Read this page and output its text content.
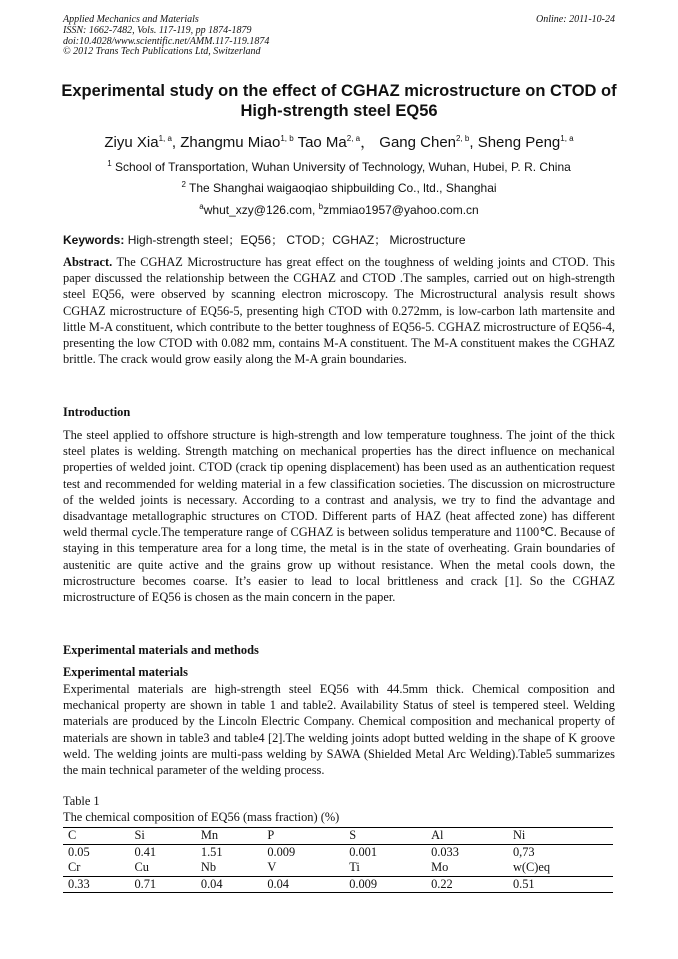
Applied Mechanics and Materials
ISSN: 1662-7482, Vols. 117-119, pp 1874-1879
doi:10.4028/www.scientific.net/AMM.117-119.1874
© 2012 Trans Tech Publications Ltd, Switzerland
Online: 2011-10-24
Experimental study on the effect of CGHAZ microstructure on CTOD of
High-strength steel EQ56
Ziyu Xia$^{1, a}$, Zhangmu Miao$^{1, b}$ Tao Ma$^{2, a}$， Gang Chen$^{2, b}$, Sheng Peng$^{1, a}$
$^1$ School of Transportation, Wuhan University of Technology, Wuhan, Hubei, P. R. China
$^2$ The Shanghai waigaoqiao shipbuilding Co., ltd., Shanghai
$^a$whut_xzy@126.com, $^b$zmmiao1957@yahoo.com.cn
Keywords: High-strength steel；EQ56； CTOD；CGHAZ； Microstructure
Abstract. The CGHAZ Microstructure has great effect on the toughness of welding joints and CTOD. This paper discussed the relationship between the CGHAZ and CTOD .The samples, carried out on high-strength steel EQ56, were observed by scanning electron microscopy. The Microstructural analysis result shows CGHAZ microstructure of EQ56-5, presenting high CTOD with 0.272mm, is low-carbon lath martensite and little M-A constituent, which contribute to the better toughness of EQ56-5. CGHAZ microstructure of EQ56-4, presenting the low CTOD with 0.082 mm, contains M-A constituent. The M-A constituent makes the CGHAZ brittle. The crack would grow easily along the M-A grain boundaries.
Introduction
The steel applied to offshore structure is high-strength and low temperature toughness. The joint of the thick steel plates is welding. Strength matching on mechanical properties has the direct influence on mechanical properties of welded joint. CTOD (crack tip opening displacement) has been used as an authentication request test and recommended for welding material in a few classification societies. The discussion on microstructure of the welded joints is necessary. According to a contrast and analysis, we try to find the advantage and disadvantage metallographic structures on CTOD. Different parts of HAZ (heat affected zone) has different weld thermal cycle.The temperature range of CGHAZ is between solidus temperature and 1100℃. Because of staying in this temperature area for a long time, the metal is in the state of overheating. Grain boundaries of austenitic are quite active and the grains grow up without resistance. When the metal cools down, the microstructure becomes coarse. It’s easier to lead to local brittleness and crack [1]. So the CGHAZ microstructure of EQ56 is chosen as the main concern in the paper.
Experimental materials and methods
Experimental materials
Experimental materials are high-strength steel EQ56 with 44.5mm thick. Chemical composition and mechanical property are shown in table 1 and table2. Availability Status of steel is tempered steel. Welding materials are produced by the Lincoln Electric Company. Chemical composition and mechanical property of materials are shown in table3 and table4 [2].The welding joints adopt butted welding in the shape of K groove weld. The welding joints are multi-pass welding by SAWA (Shielded Metal Arc Welding).Table5 summarizes the main technical parameter of the welding process.
Table 1
The chemical composition of EQ56 (mass fraction) (%)
C	Si	Mn	P	S	Al	Ni
0.05	0.41	1.51	0.009	0.001	0.033	0,73
Cr	Cu	Nb	V	Ti	Mo	w(C)eq
0.33	0.71	0.04	0.04	0.009	0.22	0.51
